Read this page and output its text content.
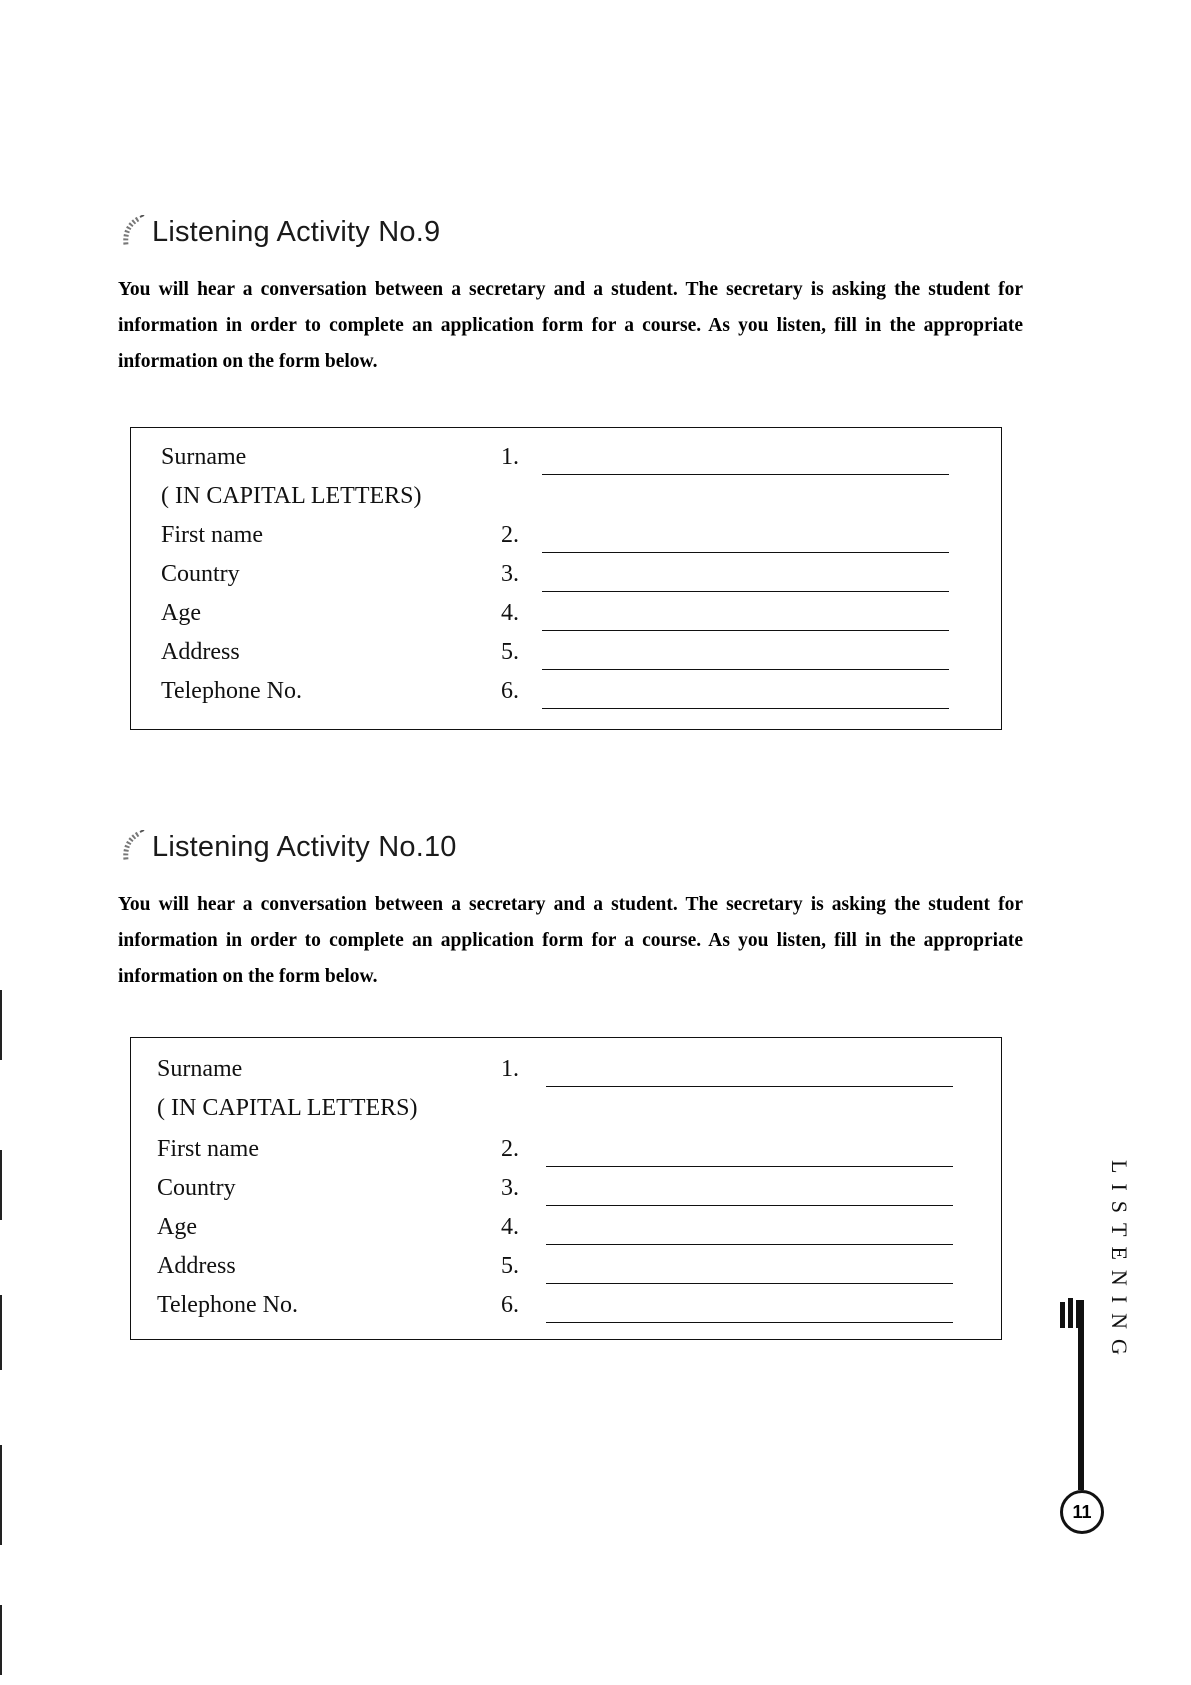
Listening Activity No.9

You will hear a conversation between a secretary and a student. The secretary is asking the student for information in order to complete an application form for a course. As you listen, fill in the appropriate information on the form below.

Surname	1.
( IN CAPITAL LETTERS)
First name	2.
Country	3.
Age	4.
Address	5.
Telephone No.	6.
Listening Activity No.10

You will hear a conversation between a secretary and a student. The secretary is asking the student for information in order to complete an application form for a course. As you listen, fill in the appropriate information on the form below.

Surname	1.
( IN CAPITAL LETTERS)
First name	2.
Country	3.
Age	4.
Address	5.
Telephone No.	6.	LISTENING
11
